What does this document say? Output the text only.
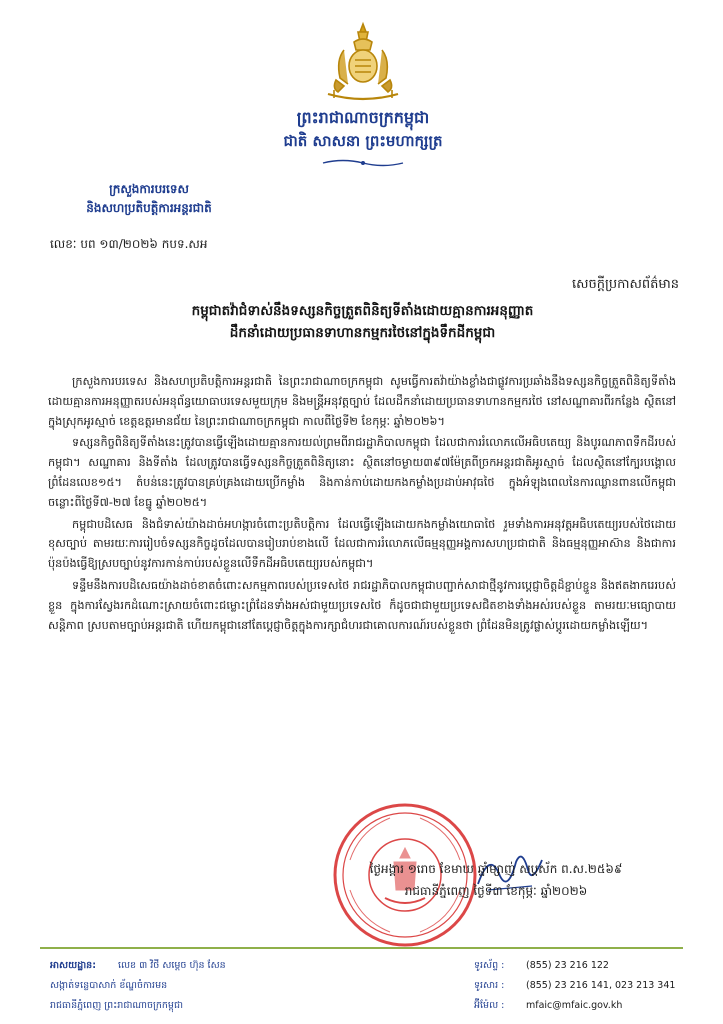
ព្រះរាជាណាចក្រកម្ពុជា
ជាតិ សាសនា ព្រះមហាក្សត្រ
ក្រសួងការបរទេស
និងសហប្រតិបត្តិការអន្តរជាតិ
លេខៈ បព ១៣/២០២៦ កបទ.សអ
សេចក្តីប្រកាសព័ត៌មាន
កម្ពុជាតវ៉ាជំទាស់នឹងទស្សនកិច្ចត្រួតពិនិត្យទីតាំងដោយគ្មានការអនុញ្ញាត
ដឹកនាំដោយប្រធានទាហានកម្មករថៃនៅក្នុងទឹកដីកម្ពុជា

ក្រសួងការបរទេស និងសហប្រតិបត្តិការអន្តរជាតិ នៃព្រះរាជាណាចក្រកម្ពុជា សូមធ្វើការតវ៉ាយ៉ាងខ្លាំងជាផ្លូវការប្រឆាំងនឹងទស្សនកិច្ចត្រួតពិនិត្យទីតាំងដោយគ្មានការអនុញ្ញាតរបស់អនុព័ន្ធយោធាបរទេសមួយក្រុម និងមន្ត្រីអនុវត្តច្បាប់ ដែលដឹកនាំដោយប្រធានទាហានកម្មករថៃ នៅសណ្ឋាគារពីរកន្លែង ស្ថិតនៅក្នុងស្រុកអូរស្មាច់ ខេត្តឧត្តរមានជ័យ នៃព្រះរាជាណាចក្រកម្ពុជា កាលពីថ្ងៃទី២ ខែកុម្ភៈ ឆ្នាំ២០២៦។

ទស្សនកិច្ចពិនិត្យទីតាំងនេះត្រូវបានធ្វើឡើងដោយគ្មានការយល់ព្រមពីរាជរដ្ឋាភិបាលកម្ពុជា ដែលជាការរំលោភលើអធិបតេយ្យ និងបូរណភាពទឹកដីរបស់កម្ពុជា។ សណ្ឋាគារ និងទីតាំង ដែលត្រូវបានធ្វើទស្សនកិច្ចត្រួតពិនិត្យនោះ ស្ថិតនៅចម្ងាយ៣៩៧ម៉ែត្រពីច្រកអន្តរជាតិអូរស្មាច់ ដែលស្ថិតនៅក្បែរបង្គោលព្រំដែនលេខ១៥។ តំបន់នេះត្រូវបានគ្រប់គ្រងដោយប្រើកម្លាំង និងកាន់កាប់ដោយកងកម្លាំងប្រដាប់អាវុធថៃ ក្នុងអំឡុងពេលនៃការឈ្លានពានលើកម្ពុជា ចន្លោះពីថ្ងៃទី៧-២៧ ខែធ្នូ ឆ្នាំ២០២៥។

កម្ពុជាបដិសេធ និងជំទាស់យ៉ាងដាច់អហង្ការចំពោះប្រតិបត្តិការ ដែលធ្វើឡើងដោយកងកម្លាំងយោធាថៃ រួមទាំងការអនុវត្តអធិបតេយ្យរបស់ថៃដោយខុសច្បាប់ តាមរយៈការរៀបចំទស្សនកិច្ចដូចដែលបានរៀបរាប់ខាងលើ ដែលជាការរំលោភលើធម្មនុញ្ញអង្គការសហប្រជាជាតិ និងធម្មនុញ្ញអាស៊ាន និងជាការប៉ុនប៉ងធ្វើឱ្យស្របច្បាប់នូវការកាន់កាប់របស់ខ្លួនលើទឹកដីអធិបតេយ្យរបស់កម្ពុជា។

ទន្ទឹមនឹងការបដិសេធយ៉ាងដាច់ខាតចំពោះសកម្មភាពរបស់ប្រទេសថៃ រាជរដ្ឋាភិបាលកម្ពុជាបញ្ជាក់សាជាថ្មីនូវការប្តេជ្ញាចិត្តដ៏ខ្ជាប់ខ្ជួន និងឥតងាករេរបស់ខ្លួន ក្នុងការស្វែងរកដំណោះស្រាយចំពោះជម្លោះព្រំដែនទាំងអស់ជាមួយប្រទេសថៃ ក៏ដូចជាជាមួយប្រទេសជិតខាងទាំងអស់របស់ខ្លួន តាមរយៈមធ្យោបាយសន្តិភាព ស្របតាមច្បាប់អន្តរជាតិ ហើយកម្ពុជានៅតែប្តេជ្ញាចិត្តក្នុងការក្សាជំហរជាគោលការណ៍របស់ខ្លួនថា ព្រំដែនមិនត្រូវផ្លាស់ប្តូរដោយកម្លាំងឡើយ។

ថ្ងៃអង្គារ ១រោច ខែមាឃ ឆ្នាំម្សាញ់ សប្តស័ក ព.ស.២៥៦៩
រាជធានីភ្នំពេញ ថ្ងៃទី៣ ខែកុម្ភៈ ឆ្នាំ២០២៦
អាសយដ្ឋាន: លេខ ៣ វិថី សម្តេច ហ៊ុន សែន
សង្កាត់ទន្លេបាសាក់ ខ័ណ្ឌចំការមន
រាជធានីភ្នំពេញ ព្រះរាជាណាចក្រកម្ពុជា
ទូរស័ព្ទ : (855) 23 216 122
ទូរសារ : (855) 23 216 141, 023 213 341
អ៊ីម៉ែល : mfaic@mfaic.gov.kh
